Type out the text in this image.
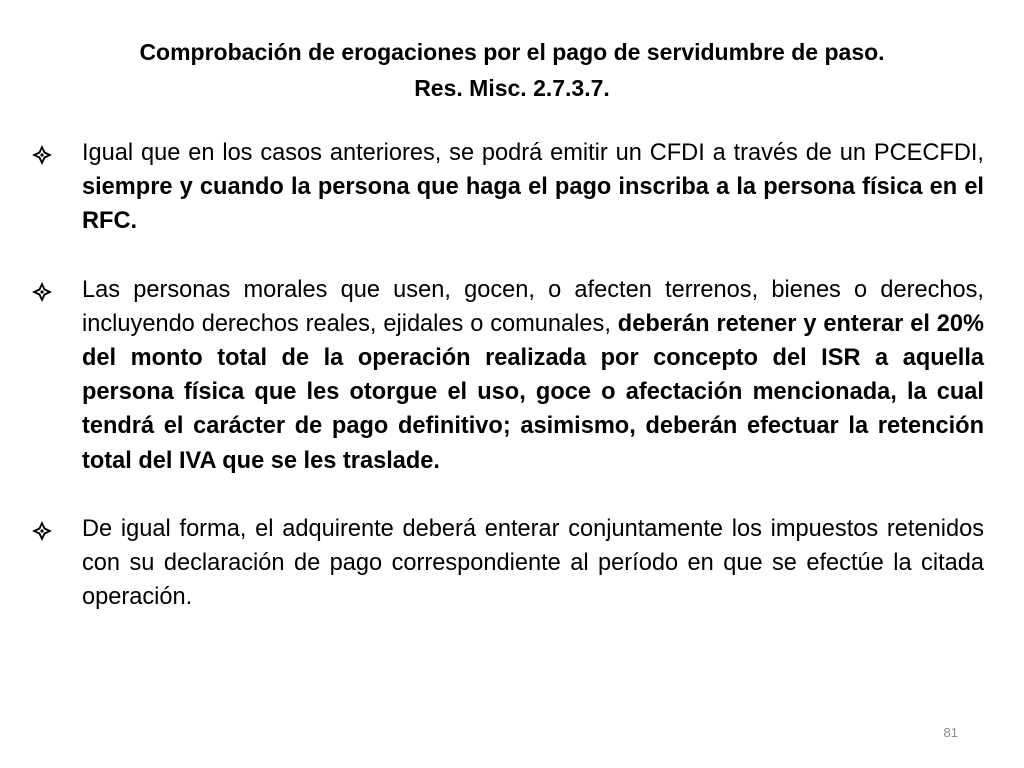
Comprobación de erogaciones por el pago de servidumbre de paso.

Res. Misc. 2.7.3.7.

Igual que en los casos anteriores, se podrá emitir un CFDI a través de un PCECFDI, siempre y cuando la persona que haga el pago inscriba a la persona física en el RFC.

Las personas morales que usen, gocen, o afecten terrenos, bienes o derechos, incluyendo derechos reales, ejidales o comunales, deberán retener y enterar el 20% del monto total de la operación realizada por concepto del ISR a aquella persona física que les otorgue el uso, goce o afectación mencionada, la cual tendrá el carácter de pago definitivo; asimismo, deberán efectuar la retención total del IVA que se les traslade.

De igual forma, el adquirente deberá enterar conjuntamente los impuestos retenidos con su declaración de pago correspondiente al período en que se efectúe la citada operación.

81
